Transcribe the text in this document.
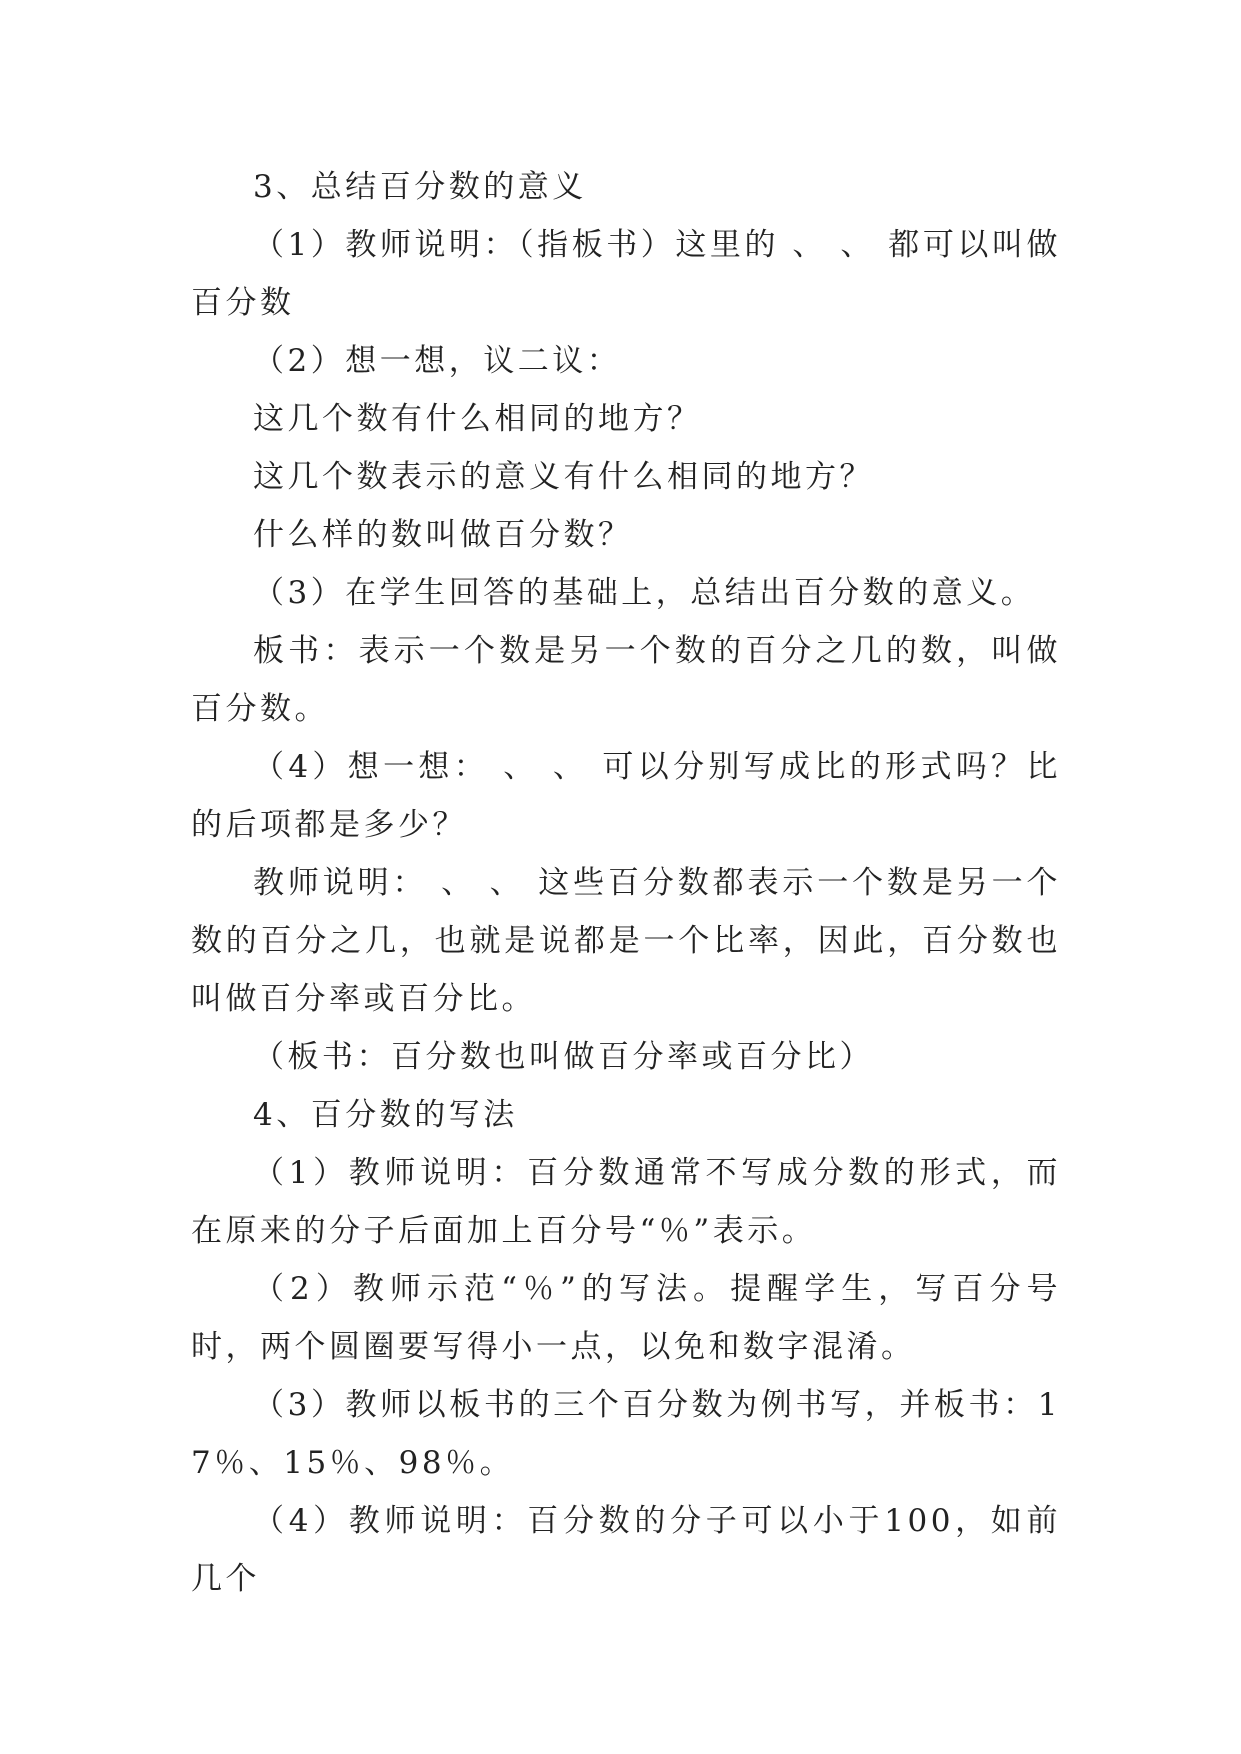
3、总结百分数的意义

（1）教师说明：（指板书）这里的 、 、 都可以叫做百分数

（2）想一想，议二议：

这几个数有什么相同的地方？

这几个数表示的意义有什么相同的地方？

什么样的数叫做百分数？

（3）在学生回答的基础上，总结出百分数的意义。

板书：表示一个数是另一个数的百分之几的数，叫做百分数。

（4）想一想： 、 、 可以分别写成比的形式吗？比的后项都是多少？

教师说明： 、 、 这些百分数都表示一个数是另一个数的百分之几，也就是说都是一个比率，因此，百分数也叫做百分率或百分比。

（板书：百分数也叫做百分率或百分比）

4、百分数的写法

（1）教师说明：百分数通常不写成分数的形式，而在原来的分子后面加上百分号“％”表示。

（2）教师示范“％”的写法。提醒学生，写百分号时，两个圆圈要写得小一点，以免和数字混淆。

（3）教师以板书的三个百分数为例书写，并板书：17％、15％、98％。

（4）教师说明：百分数的分子可以小于100，如前几个
